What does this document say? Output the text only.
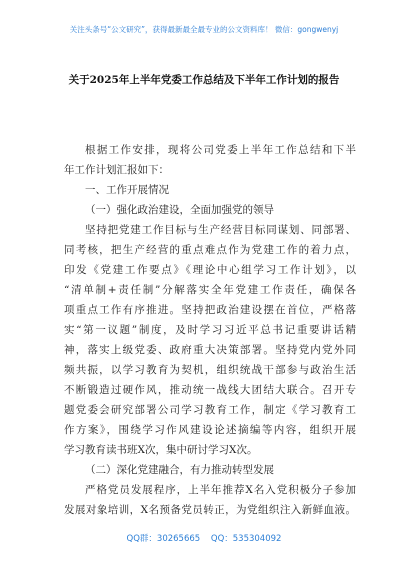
关注头条号“公文研究”，获得最新最全最专业的公文资料库！ 微信：gongwenyj
关于2025年上半年党委工作总结及下半年工作计划的报告
根据工作安排，现将公司党委上半年工作总结和下半
年工作计划汇报如下：
一、工作开展情况
（一）强化政治建设，全面加强党的领导
坚持把党建工作目标与生产经营目标同谋划、同部署、
同考核，把生产经营的重点难点作为党建工作的着力点，
印发《党建工作要点》《理论中心组学习工作计划》，以
“清单制+责任制”分解落实全年党建工作责任，确保各
项重点工作有序推进。坚持把政治建设摆在首位，严格落
实“第一议题”制度，及时学习习近平总书记重要讲话精
神，落实上级党委、政府重大决策部署。坚持党内党外同
频共振，以学习教育为契机，组织统战干部参与政治生活
不断锻造过硬作风，推动统一战线大团结大联合。召开专
题党委会研究部署公司学习教育工作，制定《学习教育工
作方案》，围绕学习作风建设论述摘编等内容，组织开展
学习教育读书班X次，集中研讨学习X次。
（二）深化党建融合，有力推动转型发展
严格党员发展程序，上半年推荐X名入党积极分子参加
发展对象培训，X名预备党员转正，为党组织注入新鲜血液。
QQ群：30265665 QQ：535304092
